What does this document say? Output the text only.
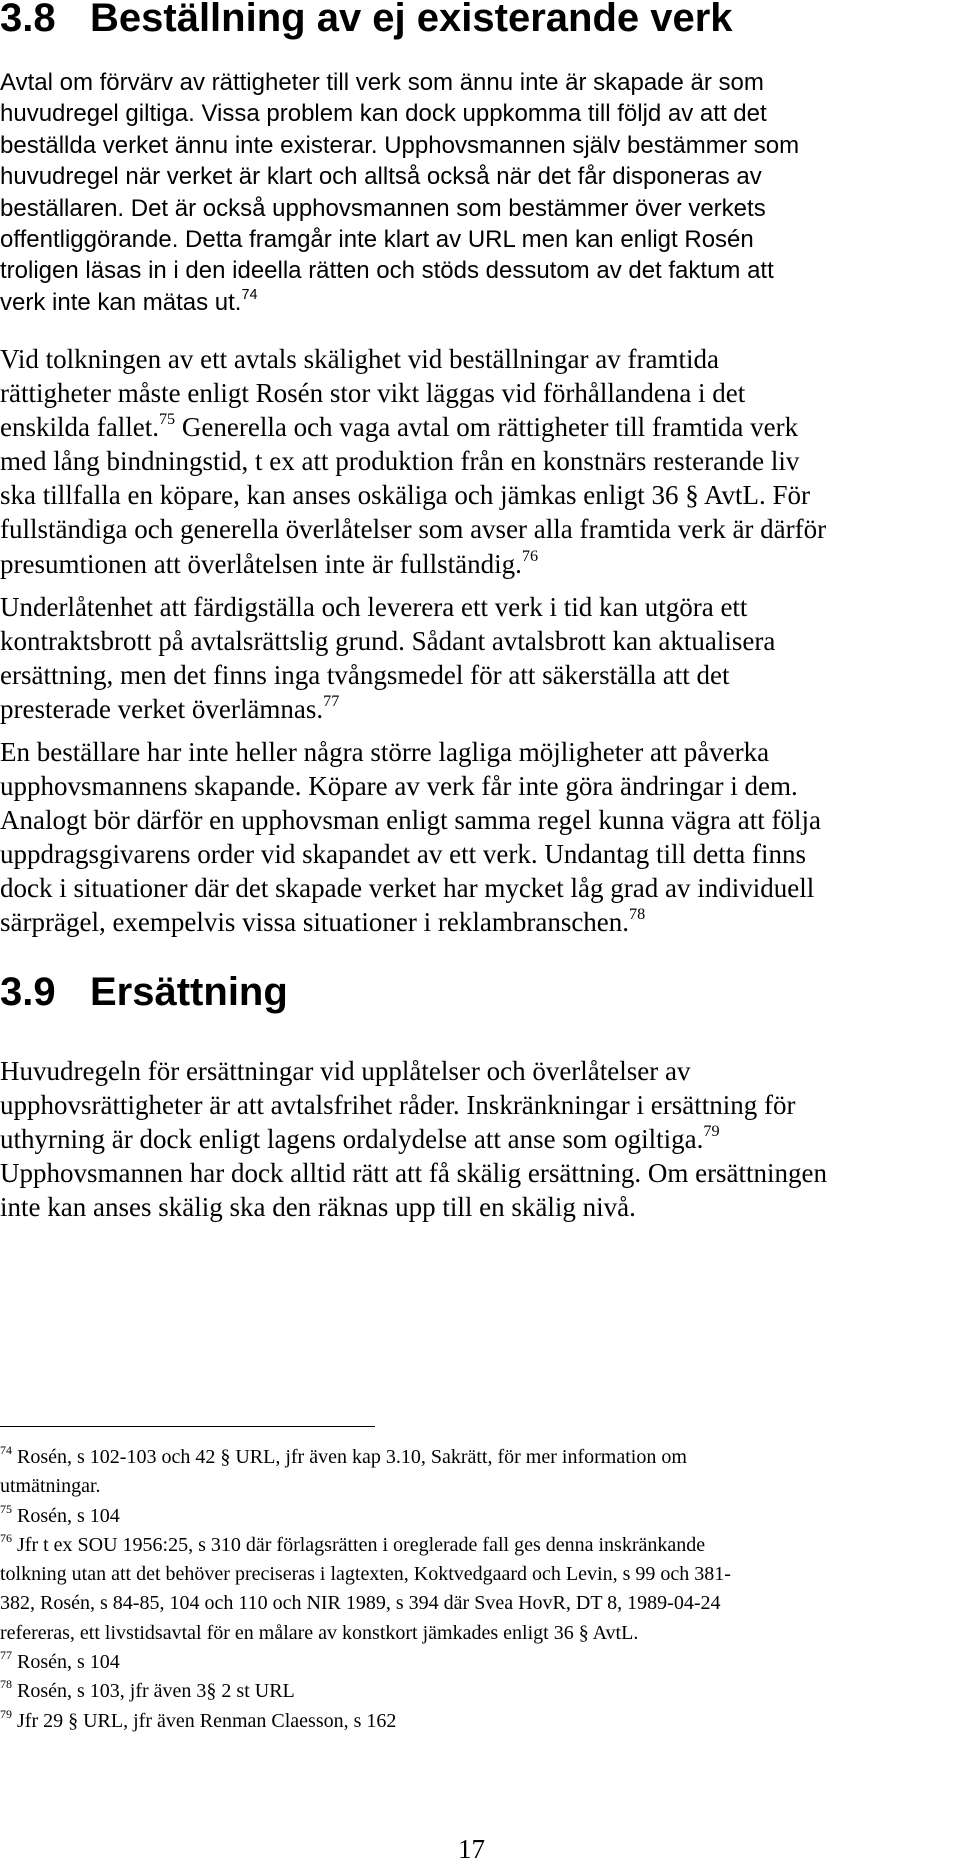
3.8 Beställning av ej existerande verk
Avtal om förvärv av rättigheter till verk som ännu inte är skapade är som
huvudregel giltiga. Vissa problem kan dock uppkomma till följd av att det
beställda verket ännu inte existerar. Upphovsmannen själv bestämmer som
huvudregel när verket är klart och alltså också när det får disponeras av
beställaren. Det är också upphovsmannen som bestämmer över verkets
offentliggörande. Detta framgår inte klart av URL men kan enligt Rosén
troligen läsas in i den ideella rätten och stöds dessutom av det faktum att
verk inte kan mätas ut.$^{74}$
Vid tolkningen av ett avtals skälighet vid beställningar av framtida
rättigheter måste enligt Rosén stor vikt läggas vid förhållandena i det
enskilda fallet.$^{75}$ Generella och vaga avtal om rättigheter till framtida verk
med lång bindningstid, t ex att produktion från en konstnärs resterande liv
ska tillfalla en köpare, kan anses oskäliga och jämkas enligt 36 § AvtL. För
fullständiga och generella överlåtelser som avser alla framtida verk är därför
presumtionen att överlåtelsen inte är fullständig.$^{76}$
Underlåtenhet att färdigställa och leverera ett verk i tid kan utgöra ett
kontraktsbrott på avtalsrättslig grund. Sådant avtalsbrott kan aktualisera
ersättning, men det finns inga tvångsmedel för att säkerställa att det
presterade verket överlämnas.$^{77}$
En beställare har inte heller några större lagliga möjligheter att påverka
upphovsmannens skapande. Köpare av verk får inte göra ändringar i dem.
Analogt bör därför en upphovsman enligt samma regel kunna vägra att följa
uppdragsgivarens order vid skapandet av ett verk. Undantag till detta finns
dock i situationer där det skapade verket har mycket låg grad av individuell
särprägel, exempelvis vissa situationer i reklambranschen.$^{78}$
3.9 Ersättning
Huvudregeln för ersättningar vid upplåtelser och överlåtelser av
upphovsrättigheter är att avtalsfrihet råder. Inskränkningar i ersättning för
uthyrning är dock enligt lagens ordalydelse att anse som ogiltiga.$^{79}$
Upphovsmannen har dock alltid rätt att få skälig ersättning. Om ersättningen
inte kan anses skälig ska den räknas upp till en skälig nivå.
$^{74}$ Rosén, s 102-103 och 42 § URL, jfr även kap 3.10, Sakrätt, för mer information om
utmätningar.
$^{75}$ Rosén, s 104
$^{76}$ Jfr t ex SOU 1956:25, s 310 där förlagsrätten i oreglerade fall ges denna inskränkande
tolkning utan att det behöver preciseras i lagtexten, Koktvedgaard och Levin, s 99 och 381-
382, Rosén, s 84-85, 104 och 110 och NIR 1989, s 394 där Svea HovR, DT 8, 1989-04-24
refereras, ett livstidsavtal för en målare av konstkort jämkades enligt 36 § AvtL.
$^{77}$ Rosén, s 104
$^{78}$ Rosén, s 103, jfr även 3§ 2 st URL
$^{79}$ Jfr 29 § URL, jfr även Renman Claesson, s 162
17
